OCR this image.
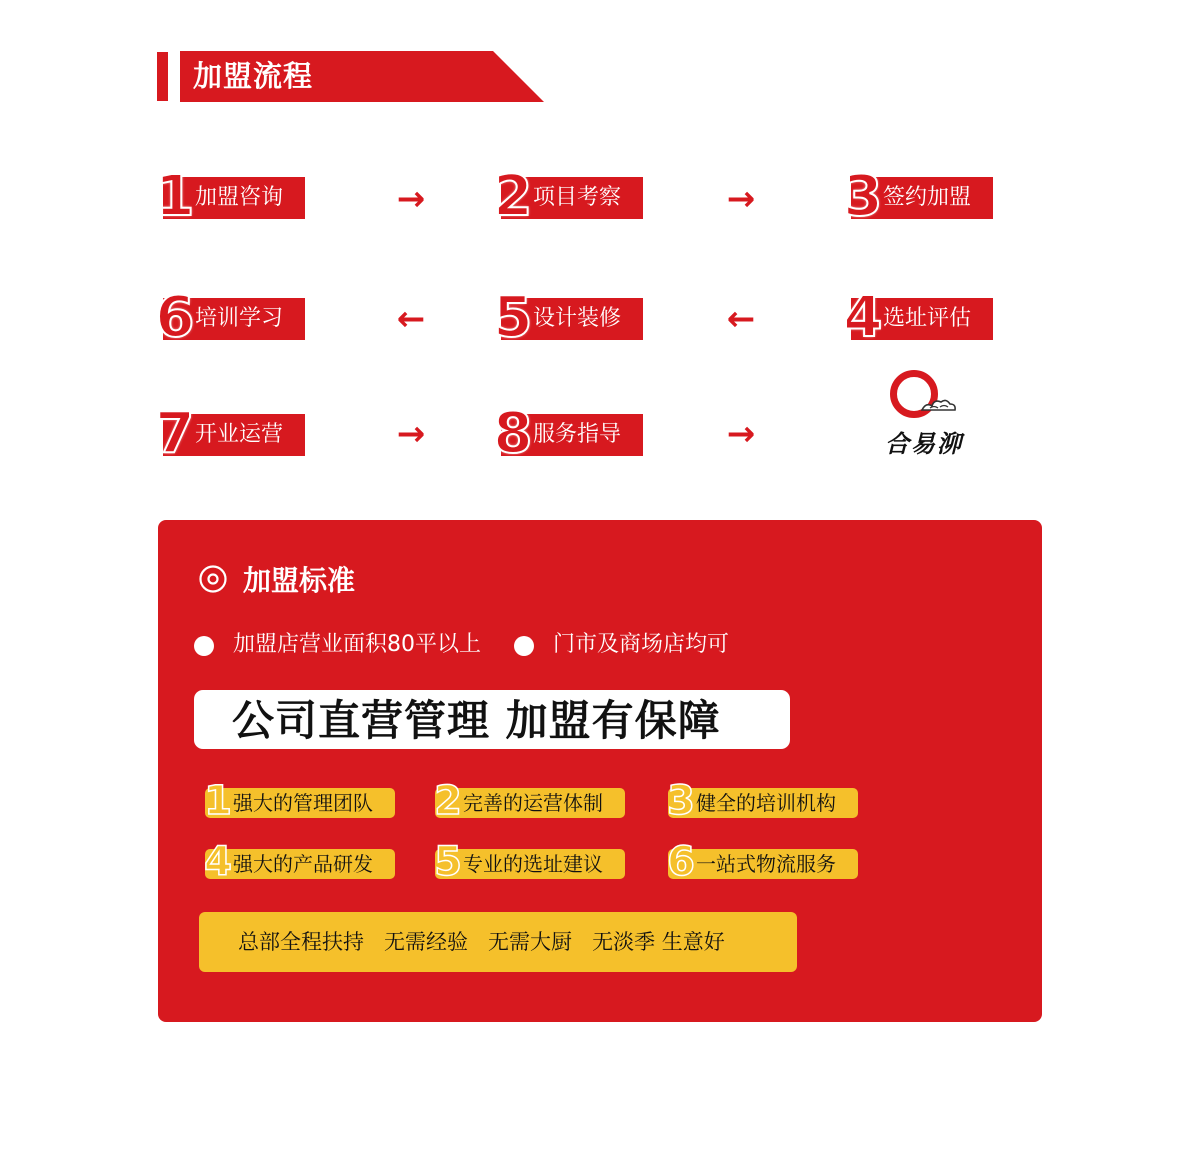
加盟流程
1 加盟咨询	→ 2 项目考察	→ 3 签约加盟
6 培训学习	← 5 设计装修	← 4 选址评估
7 开业运营	→ 8 服务指导	→	合易泖
加盟标准
加盟店营业面积80平以上	门市及商场店均可
公司直营管理 加盟有保障
1 强大的管理团队 2 完善的运营体制 3 健全的培训机构
4 强大的产品研发 5 专业的选址建议 6 一站式物流服务
总部全程扶持   无需经验   无需大厨   无淡季 生意好
